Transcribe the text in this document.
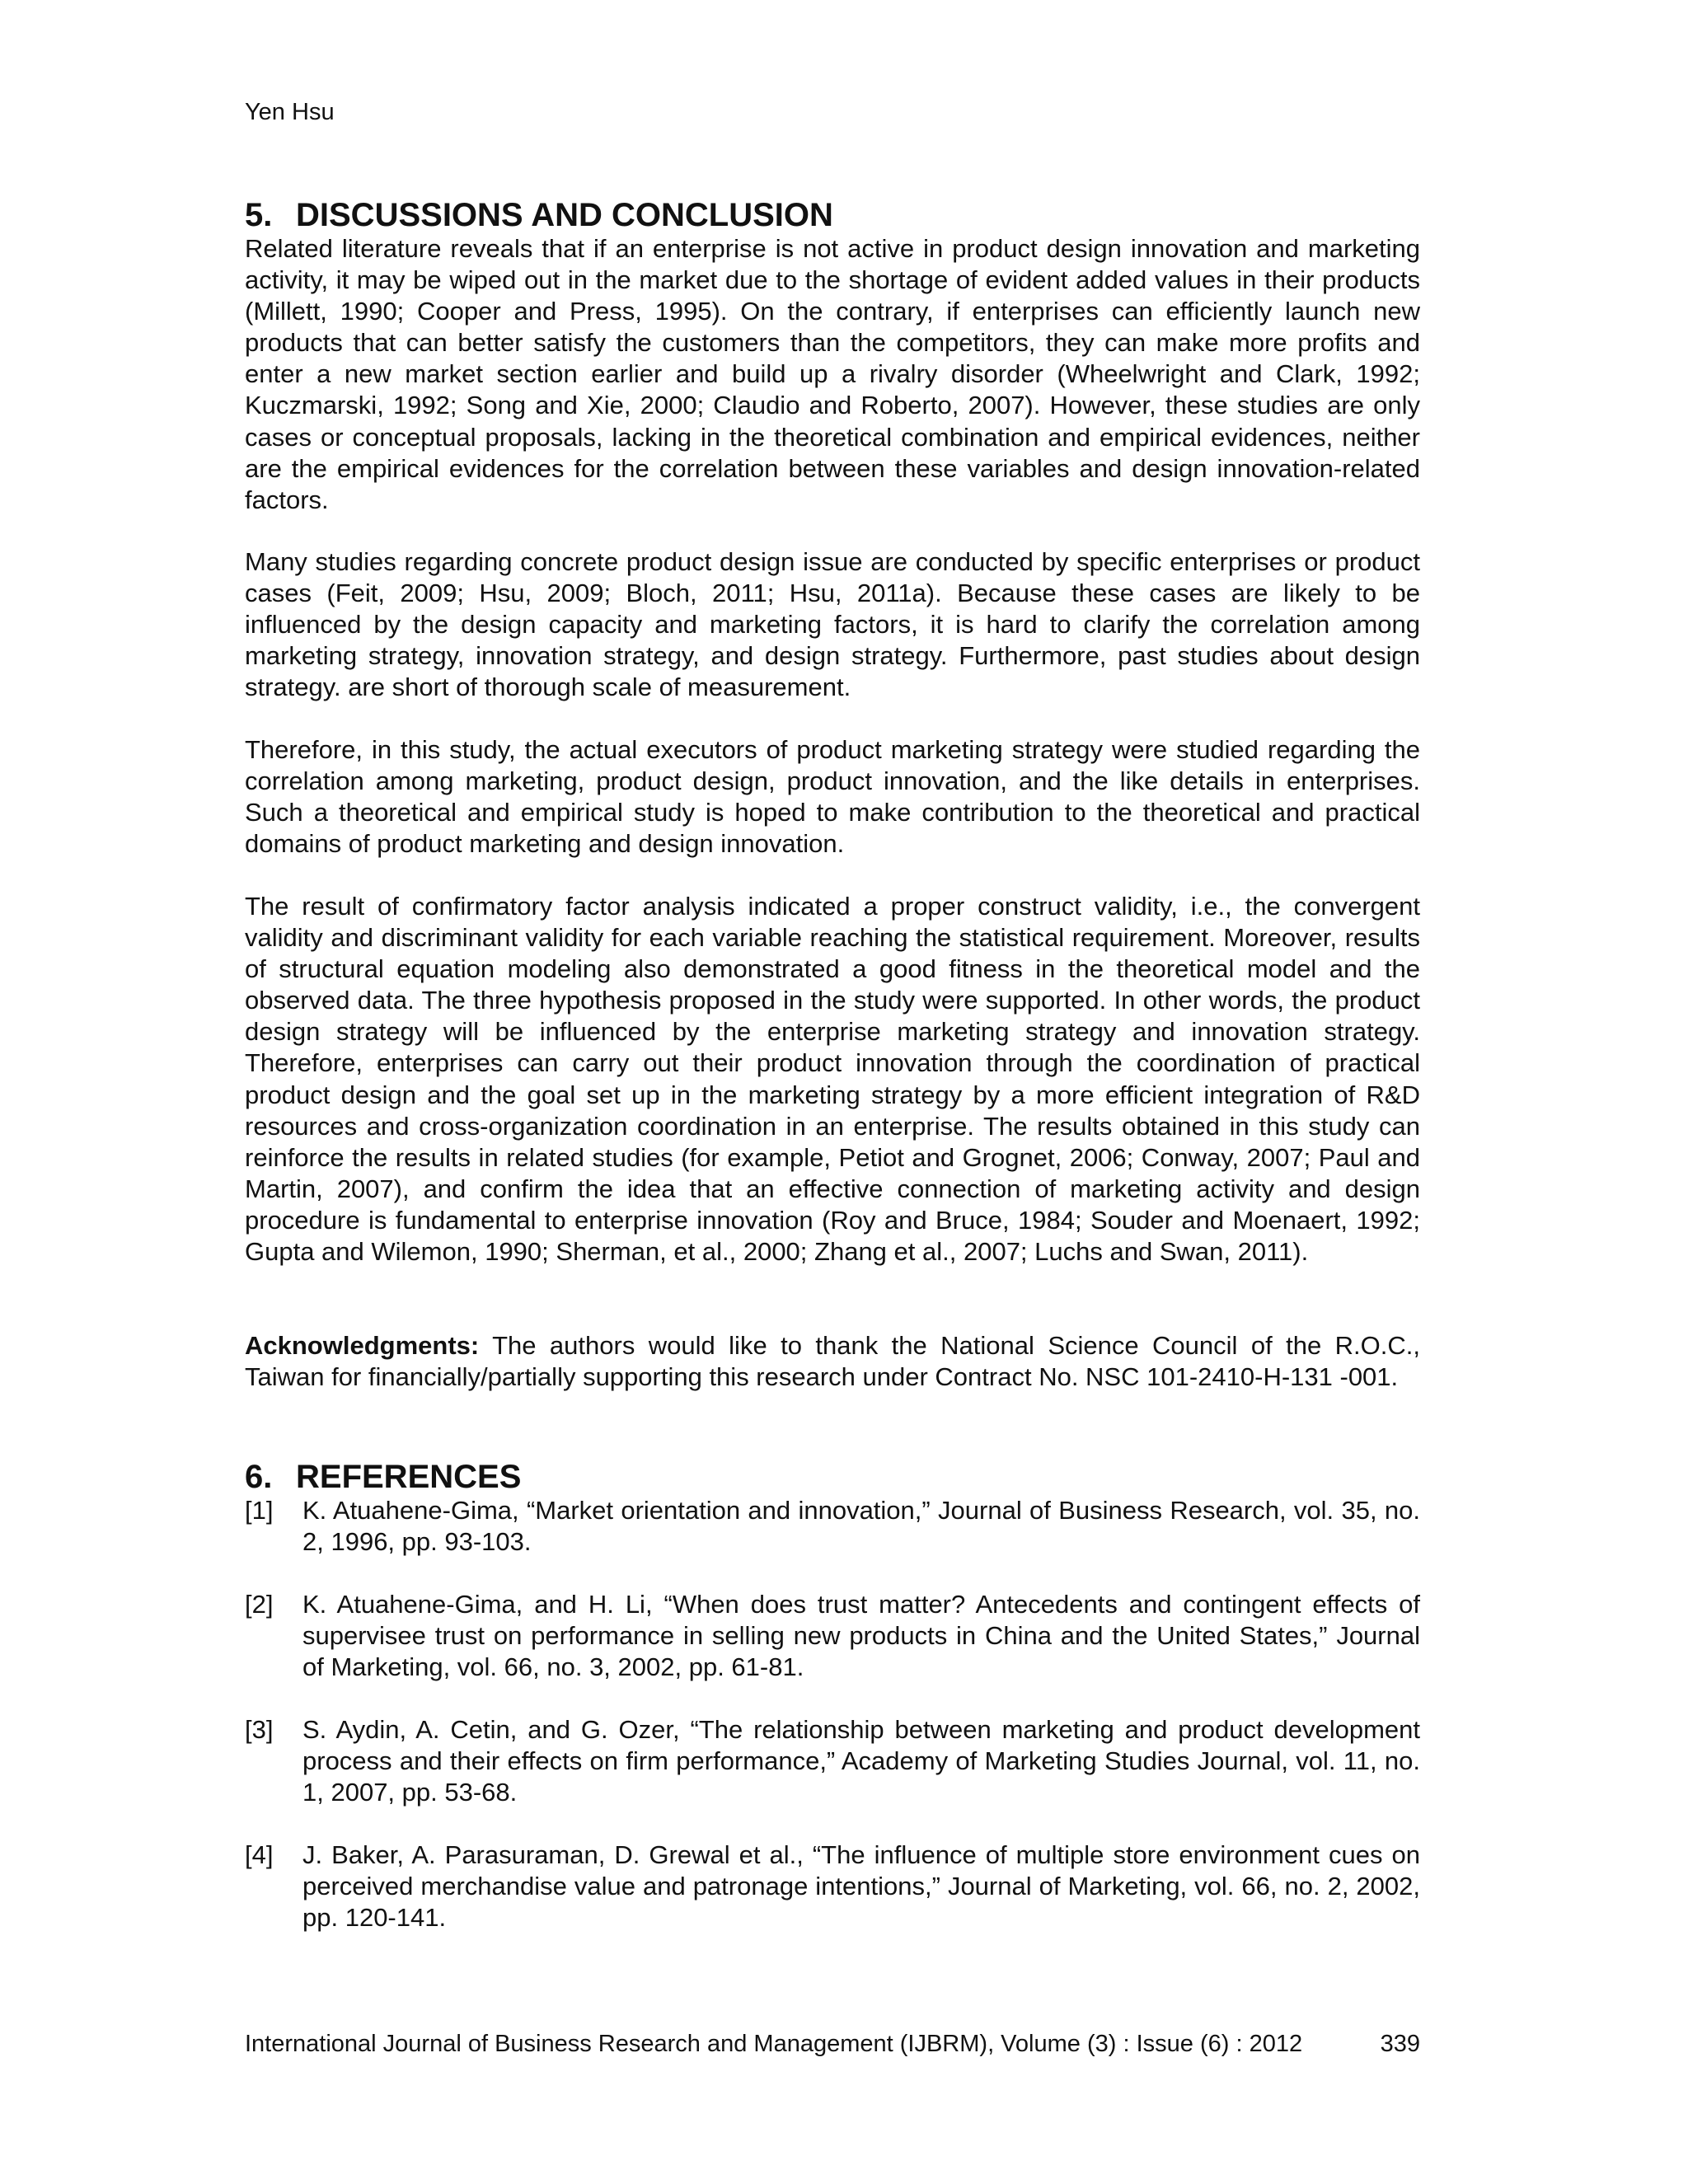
Yen Hsu
5. DISCUSSIONS AND CONCLUSION

Related literature reveals that if an enterprise is not active in product design innovation and marketing activity, it may be wiped out in the market due to the shortage of evident added values in their products (Millett, 1990; Cooper and Press, 1995). On the contrary, if enterprises can efficiently launch new products that can better satisfy the customers than the competitors, they can make more profits and enter a new market section earlier and build up a rivalry disorder (Wheelwright and Clark, 1992; Kuczmarski, 1992; Song and Xie, 2000; Claudio and Roberto, 2007). However, these studies are only cases or conceptual proposals, lacking in the theoretical combination and empirical evidences, neither are the empirical evidences for the correlation between these variables and design innovation-related factors.

Many studies regarding concrete product design issue are conducted by specific enterprises or product cases (Feit, 2009; Hsu, 2009; Bloch, 2011; Hsu, 2011a). Because these cases are likely to be influenced by the design capacity and marketing factors, it is hard to clarify the correlation among marketing strategy, innovation strategy, and design strategy. Furthermore, past studies about design strategy. are short of thorough scale of measurement.

Therefore, in this study, the actual executors of product marketing strategy were studied regarding the correlation among marketing, product design, product innovation, and the like details in enterprises. Such a theoretical and empirical study is hoped to make contribution to the theoretical and practical domains of product marketing and design innovation.

The result of confirmatory factor analysis indicated a proper construct validity, i.e., the convergent validity and discriminant validity for each variable reaching the statistical requirement. Moreover, results of structural equation modeling also demonstrated a good fitness in the theoretical model and the observed data. The three hypothesis proposed in the study were supported. In other words, the product design strategy will be influenced by the enterprise marketing strategy and innovation strategy. Therefore, enterprises can carry out their product innovation through the coordination of practical product design and the goal set up in the marketing strategy by a more efficient integration of R&D resources and cross-organization coordination in an enterprise. The results obtained in this study can reinforce the results in related studies (for example, Petiot and Grognet, 2006; Conway, 2007; Paul and Martin, 2007), and confirm the idea that an effective connection of marketing activity and design procedure is fundamental to enterprise innovation (Roy and Bruce, 1984; Souder and Moenaert, 1992; Gupta and Wilemon, 1990; Sherman, et al., 2000; Zhang et al., 2007; Luchs and Swan, 2011).

Acknowledgments: The authors would like to thank the National Science Council of the R.O.C., Taiwan for financially/partially supporting this research under Contract No. NSC 101-2410-H-131 -001.

6. REFERENCES
[1] K. Atuahene-Gima, “Market orientation and innovation,” Journal of Business Research, vol. 35, no. 2, 1996, pp. 93-103.
[2] K. Atuahene-Gima, and H. Li, “When does trust matter? Antecedents and contingent effects of supervisee trust on performance in selling new products in China and the United States,” Journal of Marketing, vol. 66, no. 3, 2002, pp. 61-81.
[3] S. Aydin, A. Cetin, and G. Ozer, “The relationship between marketing and product development process and their effects on firm performance,” Academy of Marketing Studies Journal, vol. 11, no. 1, 2007, pp. 53-68.
[4] J. Baker, A. Parasuraman, D. Grewal et al., “The influence of multiple store environment cues on perceived merchandise value and patronage intentions,” Journal of Marketing, vol. 66, no. 2, 2002, pp. 120-141.
International Journal of Business Research and Management (IJBRM), Volume (3) : Issue (6) : 2012	339
